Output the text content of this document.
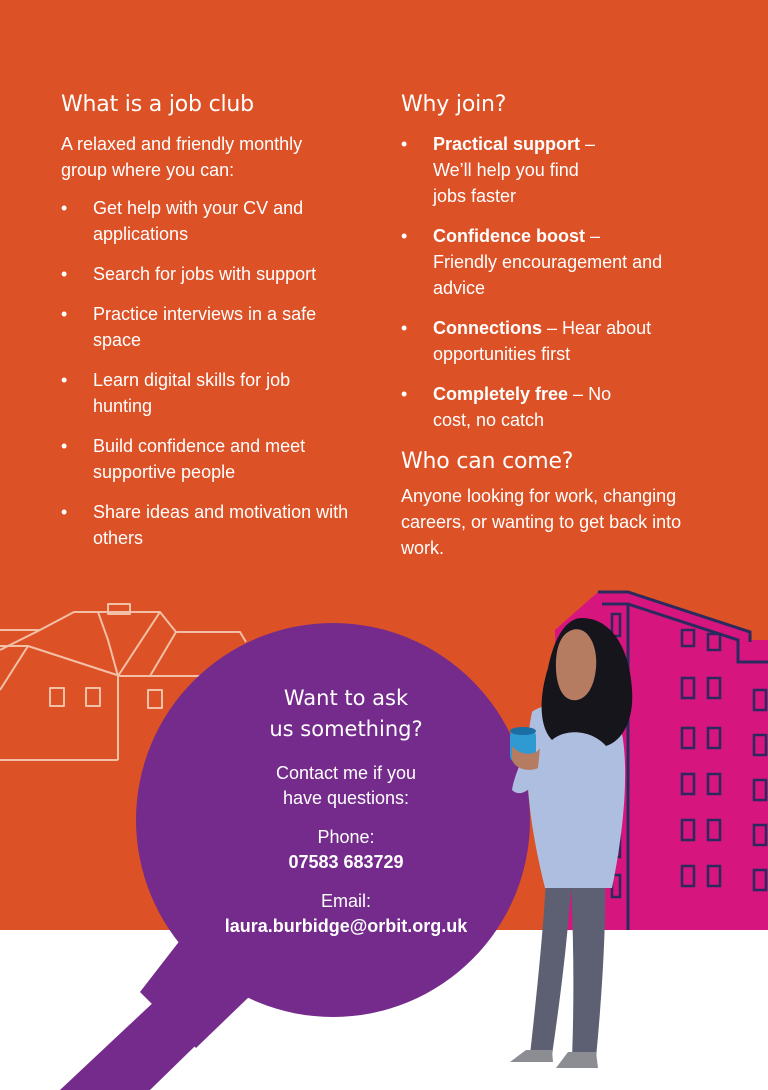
What is a job club

A relaxed and friendly monthly group where you can:

• Get help with your CV and applications
• Search for jobs with support
• Practice interviews in a safe space
• Learn digital skills for job hunting
• Build confidence and meet supportive people
• Share ideas and motivation with others
Why join?
• Practical support – We’ll help you find jobs faster
• Confidence boost – Friendly encouragement and advice
• Connections – Hear about opportunities first
• Completely free – No cost, no catch
Who can come?

Anyone looking for work, changing careers, or wanting to get back into work.

Want to ask
us something?
Contact me if you
have questions:
Phone:
07583 683729
Email:
laura.burbidge@orbit.org.uk
